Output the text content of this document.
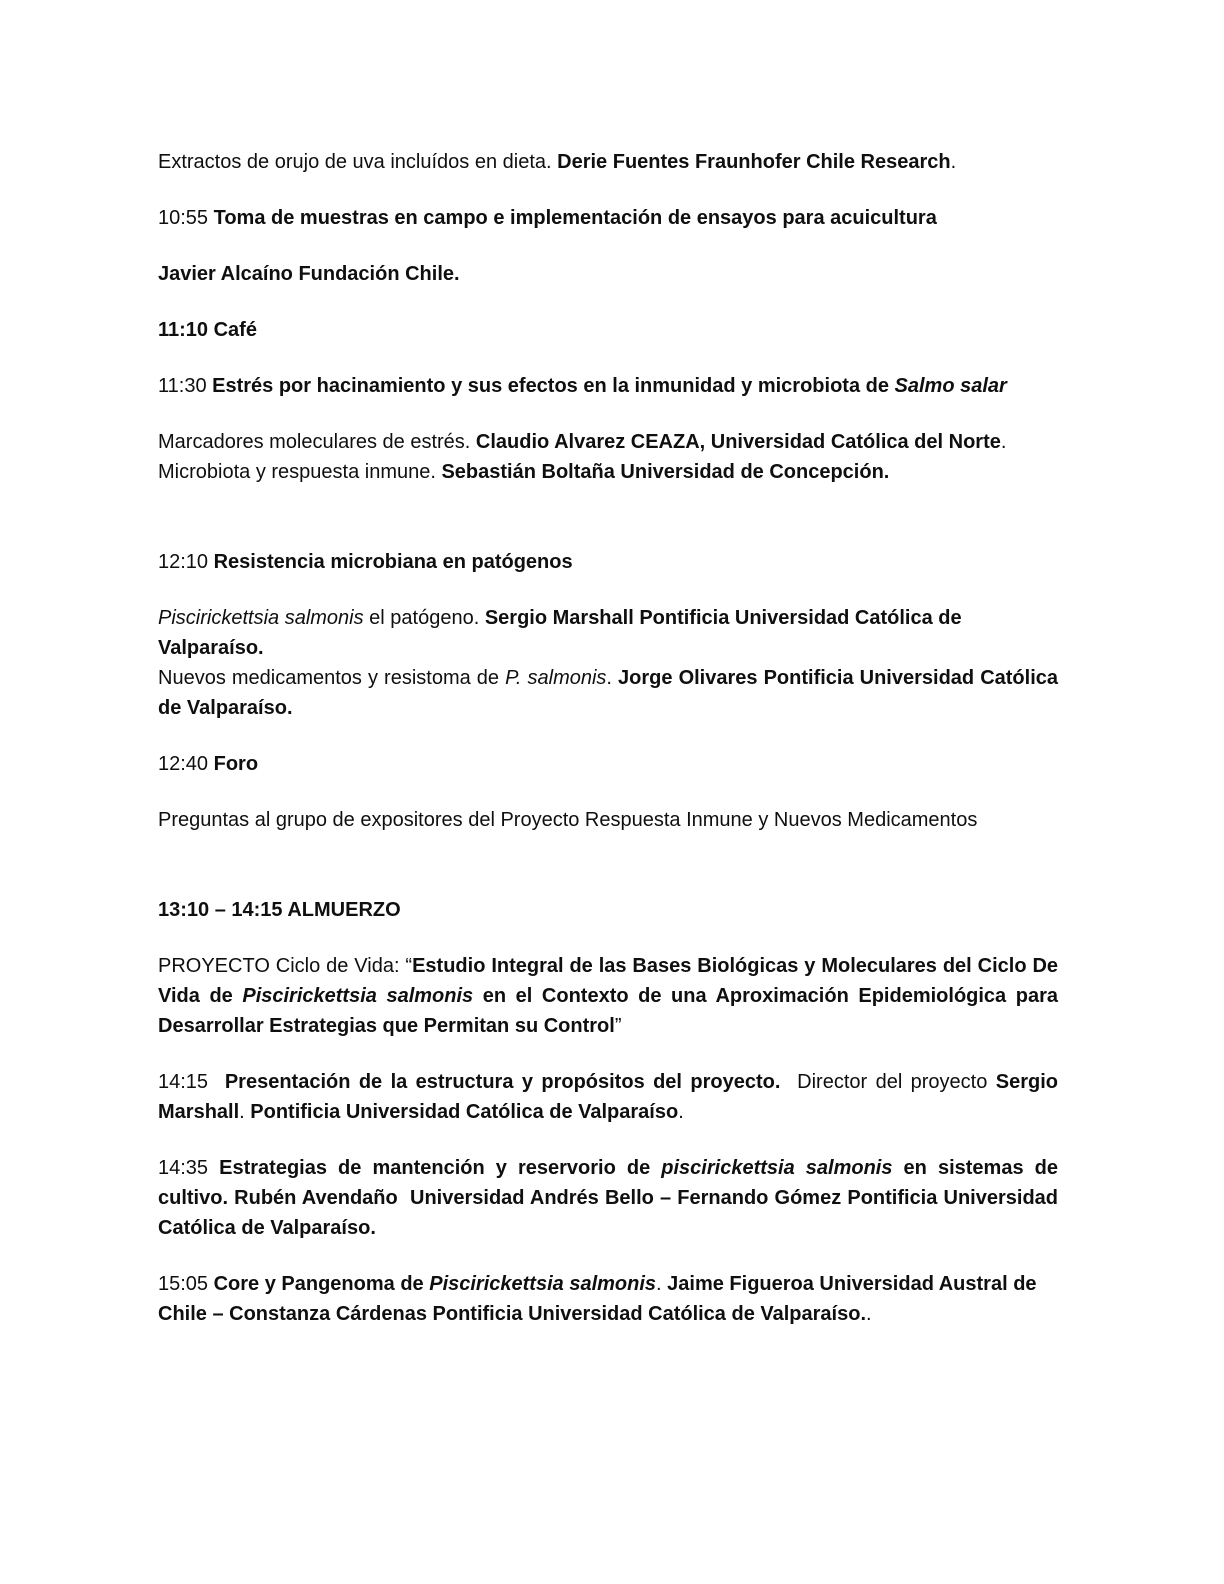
Extractos de orujo de uva incluídos en dieta. Derie Fuentes Fraunhofer Chile Research.

10:55 Toma de muestras en campo e implementación de ensayos para acuicultura

Javier Alcaíno Fundación Chile.

11:10 Café

11:30 Estrés por hacinamiento y sus efectos en la inmunidad y microbiota de Salmo salar

Marcadores moleculares de estrés. Claudio Alvarez CEAZA, Universidad Católica del Norte.

Microbiota y respuesta inmune. Sebastián Boltaña Universidad de Concepción.

12:10 Resistencia microbiana en patógenos

Piscirickettsia salmonis el patógeno. Sergio Marshall Pontificia Universidad Católica de Valparaíso.

Nuevos medicamentos y resistoma de P. salmonis. Jorge Olivares Pontificia Universidad Católica de Valparaíso.

12:40 Foro

Preguntas al grupo de expositores del Proyecto Respuesta Inmune y Nuevos Medicamentos

13:10 – 14:15 ALMUERZO

PROYECTO Ciclo de Vida: “Estudio Integral de las Bases Biológicas y Moleculares del Ciclo De Vida de Piscirickettsia salmonis en el Contexto de una Aproximación Epidemiológica para Desarrollar Estrategias que Permitan su Control”

14:15  Presentación de la estructura y propósitos del proyecto.  Director del proyecto Sergio Marshall. Pontificia Universidad Católica de Valparaíso.

14:35 Estrategias de mantención y reservorio de piscirickettsia salmonis en sistemas de cultivo. Rubén Avendaño  Universidad Andrés Bello – Fernando Gómez Pontificia Universidad Católica de Valparaíso.

15:05 Core y Pangenoma de Piscirickettsia salmonis. Jaime Figueroa Universidad Austral de Chile – Constanza Cárdenas Pontificia Universidad Católica de Valparaíso..
